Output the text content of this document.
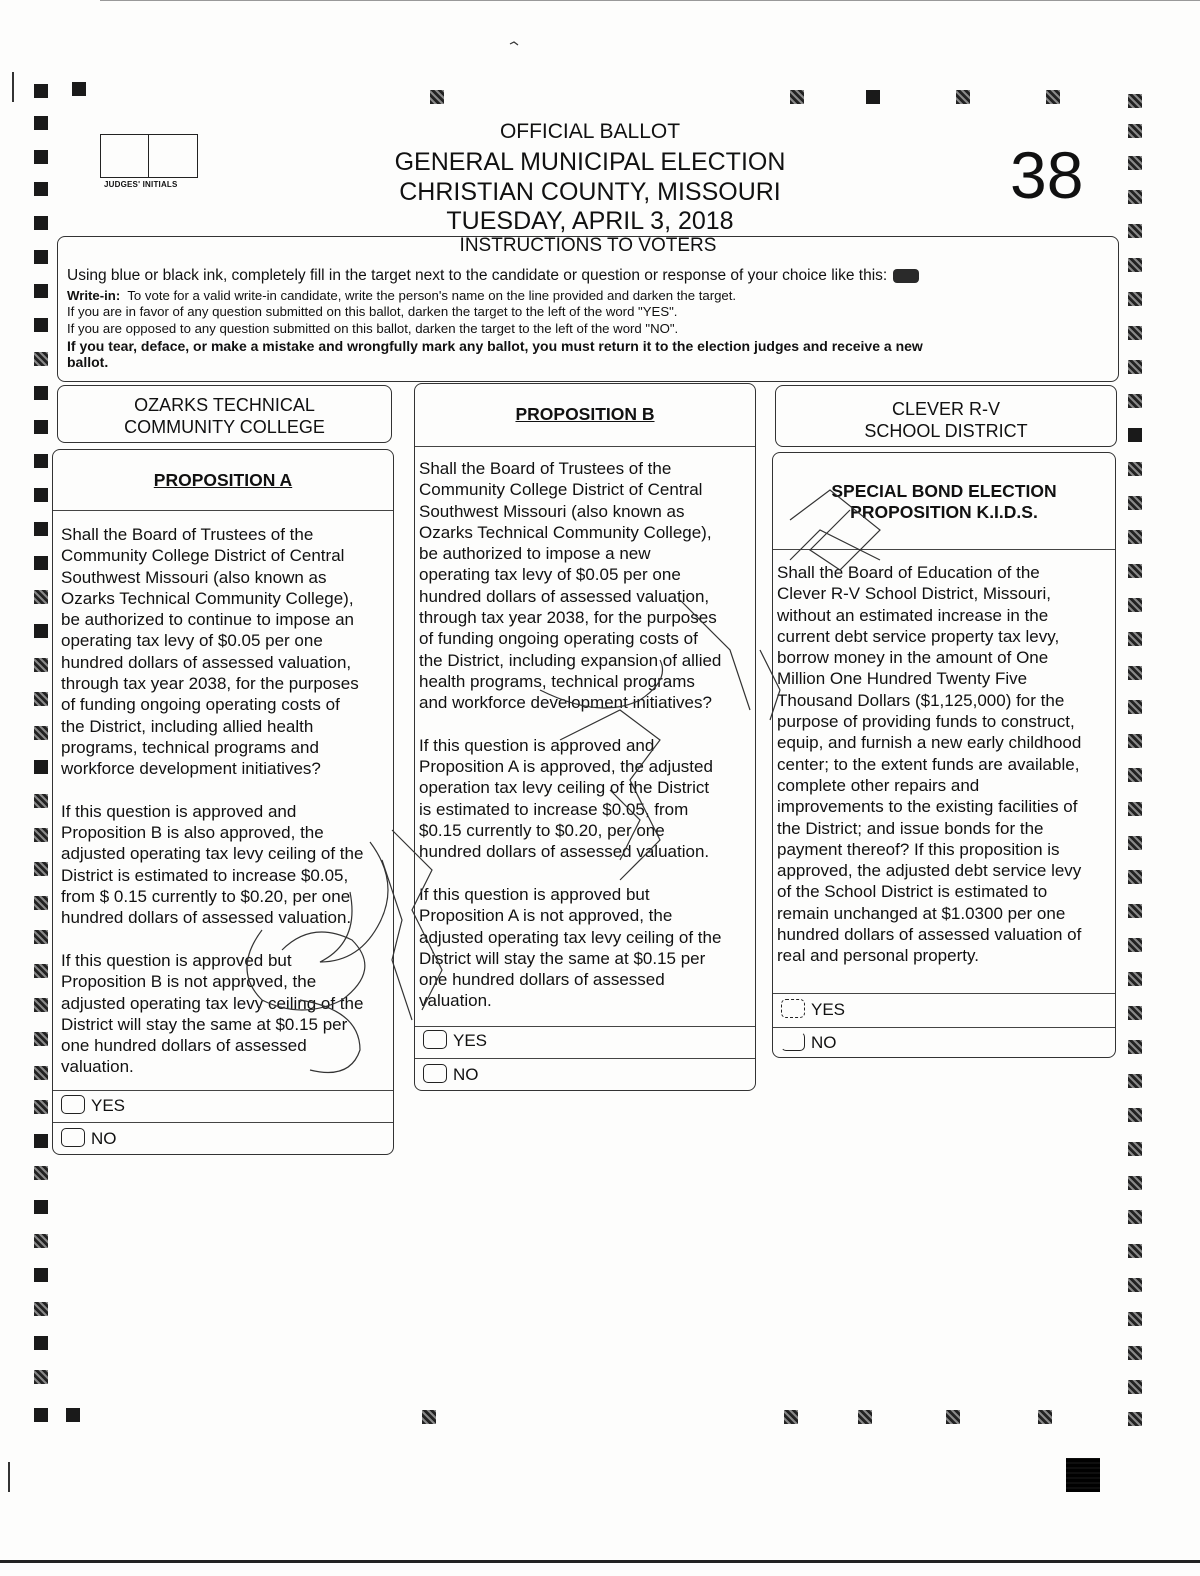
JUDGES' INITIALS
OFFICIAL BALLOT
GENERAL MUNICIPAL ELECTION
CHRISTIAN COUNTY, MISSOURI
TUESDAY, APRIL 3, 2018
38
INSTRUCTIONS TO VOTERS
Using blue or black ink, completely fill in the target next to the candidate or question or response of your choice like this:
Write-in: To vote for a valid write-in candidate, write the person's name on the line provided and darken the target.
If you are in favor of any question submitted on this ballot, darken the target to the left of the word "YES".
If you are opposed to any question submitted on this ballot, darken the target to the left of the word "NO".
If you tear, deface, or make a mistake and wrongfully mark any ballot, you must return it to the election judges and receive a new
ballot.
OZARKS TECHNICAL
COMMUNITY COLLEGE
PROPOSITION A
Shall the Board of Trustees of the
Community College District of Central
Southwest Missouri (also known as
Ozarks Technical Community College),
be authorized to continue to impose an
operating tax levy of $0.05 per one
hundred dollars of assessed valuation,
through tax year 2038, for the purposes
of funding ongoing operating costs of
the District, including allied health
programs, technical programs and
workforce development initiatives?
If this question is approved and
Proposition B is also approved, the
adjusted operating tax levy ceiling of the
District is estimated to increase $0.05,
from $ 0.15 currently to $0.20, per one
hundred dollars of assessed valuation.
If this question is approved but
Proposition B is not approved, the
adjusted operating tax levy ceiling of the
District will stay the same at $0.15 per
one hundred dollars of assessed
valuation.
YES
NO
PROPOSITION B
Shall the Board of Trustees of the
Community College District of Central
Southwest Missouri (also known as
Ozarks Technical Community College),
be authorized to impose a new
operating tax levy of $0.05 per one
hundred dollars of assessed valuation,
through tax year 2038, for the purposes
of funding ongoing operating costs of
the District, including expansion of allied
health programs, technical programs
and workforce development initiatives?
If this question is approved and
Proposition A is approved, the adjusted
operation tax levy ceiling of the District
is estimated to increase $0.05, from
$0.15 currently to $0.20, per one
hundred dollars of assessed valuation.
If this question is approved but
Proposition A is not approved, the
adjusted operating tax levy ceiling of the
District will stay the same at $0.15 per
one hundred dollars of assessed
valuation.
YES
NO
CLEVER R-V
SCHOOL DISTRICT
SPECIAL BOND ELECTION
PROPOSITION K.I.D.S.
Shall the Board of Education of the
Clever R-V School District, Missouri,
without an estimated increase in the
current debt service property tax levy,
borrow money in the amount of One
Million One Hundred Twenty Five
Thousand Dollars ($1,125,000) for the
purpose of providing funds to construct,
equip, and furnish a new early childhood
center; to the extent funds are available,
complete other repairs and
improvements to the existing facilities of
the District; and issue bonds for the
payment thereof? If this proposition is
approved, the adjusted debt service levy
of the School District is estimated to
remain unchanged at $1.0300 per one
hundred dollars of assessed valuation of
real and personal property.
YES
NO
